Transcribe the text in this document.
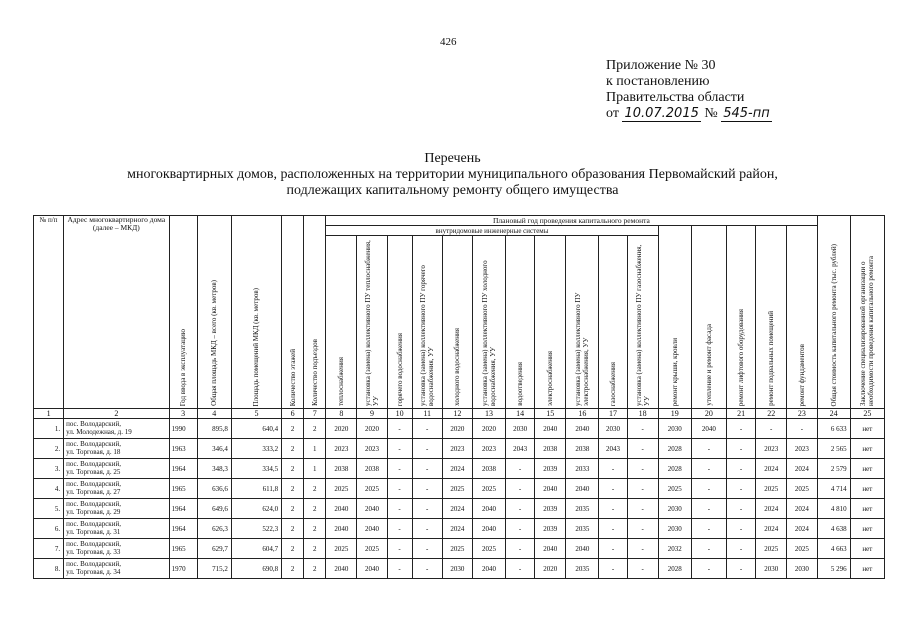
426
Приложение № 30
к постановлению
Правительства области
от 10.07.2015 № 545-пп
Перечень
многоквартирных домов, расположенных на территории муниципального образования Первомайский район,
подлежащих капитальному ремонту общего имущества
№ п/п	Адрес многоквартирного дома (далее – МКД)	Год ввода в эксплуатацию	Общая площадь МКД – всего (кв. метров)	Площадь помещений МКД (кв. метров)	Количество этажей	Количество подъездов	Плановый год проведения капитального ремонта																Общая стоимость капитального ремонта (тыс. рублей)	Заключение специализированной организации о необходимости проведения капитального ремонта

							внутридомовые инженерные системы											ремонт крыши, кровли	утепление и ремонт фасада	ремонт лифтового оборудования	ремонт подвальных помещений	ремонт фундаментов		

							теплоснабжения	установка (замена) коллективного ПУ теплоснабжения, УУ	горячего водоснабжения	установка (замена) коллективного ПУ горячего водоснабжения, УУ	холодного водоснабжения	установка (замена) коллективного ПУ холодного водоснабжения, УУ	водоотведения	электроснабжения	установка (замена) коллективного ПУ электроснабжения, УУ	газоснабжения	установка (замена) коллективного ПУ газоснабжения, УУ							

1	2	3	4	5	6	7	8	9	10	11	12	13	14	15	16	17	18	19	20	21	22	23	24	25
1.	пос. Володарский,
ул. Молодежная, д. 19	1990	895,8	640,4	2	2	2020	2020	-	-	2020	2020	2030	2040	2040	2030	-	2030	2040	-	-	-	6 633	нет
2.	пос. Володарский,
ул. Торговая, д. 18	1963	346,4	333,2	2	1	2023	2023	-	-	2023	2023	2043	2038	2038	2043	-	2028	-	-	2023	2023	2 565	нет
3.	пос. Володарский,
ул. Торговая, д. 25	1964	348,3	334,5	2	1	2038	2038	-	-	2024	2038	-	2039	2033	-	-	2028	-	-	2024	2024	2 579	нет
4.	пос. Володарский,
ул. Торговая, д. 27	1965	636,6	611,8	2	2	2025	2025	-	-	2025	2025	-	2040	2040	-	-	2025	-	-	2025	2025	4 714	нет
5.	пос. Володарский,
ул. Торговая, д. 29	1964	649,6	624,0	2	2	2040	2040	-	-	2024	2040	-	2039	2035	-	-	2030	-	-	2024	2024	4 810	нет
6.	пос. Володарский,
ул. Торговая, д. 31	1964	626,3	522,3	2	2	2040	2040	-	-	2024	2040	-	2039	2035	-	-	2030	-	-	2024	2024	4 638	нет
7.	пос. Володарский,
ул. Торговая, д. 33	1965	629,7	604,7	2	2	2025	2025	-	-	2025	2025	-	2040	2040	-	-	2032	-	-	2025	2025	4 663	нет
8.	пос. Володарский,
ул. Торговая, д. 34	1970	715,2	690,8	2	2	2040	2040	-	-	2030	2040	-	2020	2035	-	-	2028	-	-	2030	2030	5 296	нет
